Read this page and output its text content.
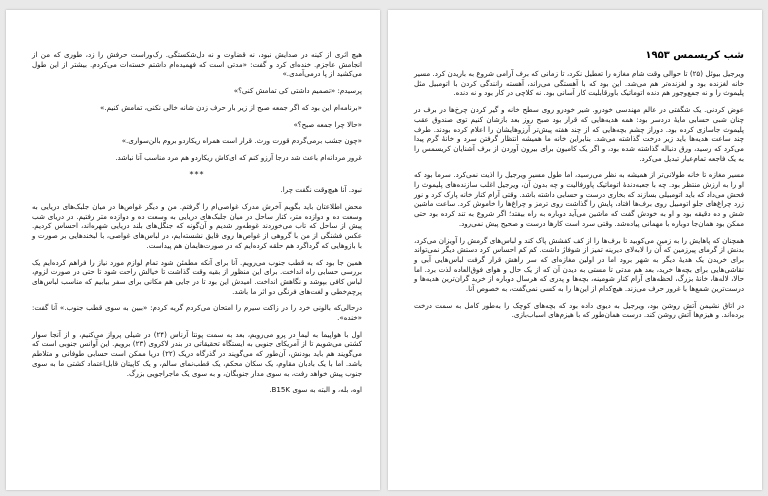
هیچ اثری از کینه در صدایش نبود، نه قضاوت و نه دل‌شکستگی. رک‌وراست حرفش را زد، طوری که من از انجامش عاجزم. خنده‌ای کرد و گفت: «مدتی است که فهمیده‌ام داشتم خسته‌ات می‌کردم. بیشتر از این طول می‌کشید از پا درمی‌آمدی.»

پرسیدم: «تصمیم داشتی کی تمامش کنی؟»

«برنامه‌ام این بود که اگر جمعه صبح از زیر بار حرف زدن شانه خالی نکنی، تمامش کنیم.»

«حالا چرا جمعه صبح؟»

«چون جشب برمی‌گردم قورت ورث. قرار است همراه ریکاردو بروم بالن‌سواری.»

غرور مردانه‌ام باعث شد درجا آرزو کنم که ای‌کاش ریکاردو هم مرد مناسب آنا نباشد.

***

نبود. آنا هیچ‌وقت نگفت چرا.

محض اطلاعتان باید بگویم آخرش مدرک غواصی‌ام را گرفتم. من و دیگر غواص‌ها در میان جلبک‌های دریایی به وسعت ده و دوازده متر، کنار ساحل در میان جلبک‌های دریایی به وسعت ده و دوازده متر رفتیم. در دریای شب پیش از ساحل که تاب می‌خوردند غوطه‌ور شدیم و آن‌گونه که جنگل‌های بلند دریایی شهره‌اند، احساس کردیم. عکس فشنگی از من با گروهی از غواص‌ها روی قایق نشسته‌ایم، در لباس‌های غواصی، با لبخند‌هایی بر صورت و با بازوهایی که گرداگرد هم حلقه کرده‌ایم که در صورت‌هایمان هم پیداست.

همین جا بود که به قطب جنوب می‌رویم. آنا برای آنکه مطمئن شود تمام لوازم مورد نیاز را فراهم کرده‌ایم یک بررسی حسابی راه انداخت. برای این منظور از بقیه وقت گذاشت تا خیالش راحت شود تا حتی در صورت لزوم، لباس کافی بپوشد و نگاهش انداخت. امیدش این بود تا در جایی هم مکانی برای سفر بیابیم که مناسب لباس‌های پرچم‌خطی و لغت‌های فرنگی دو اثر ما باشد.

درحالی‌که بالونی خرد را در زاکت سیرم را امتحان می‌کردم گریه کردم: «ببین به سوی قطب جنوب.» آنا گفت: «خنده».

اول با هواپیما به لیما در پرو می‌رویم، بعد به سمت پونتا آرناس (۲۴) در شیلی پرواز می‌کنیم، و از آنجا سوار کشتی می‌شویم تا از آمریکای جنوبی به ایستگاه تحقیقاتی در بندر لاکروی (۲۳) برویم. این آوانس جنوبی است که می‌گویند هم باید بودنش، آن‌طور که می‌گویند در گذرگاه دریک (۲۲) دریا ممکن است حسابی طوفانی و متلاطم باشد. اما با یک بادبان مقاوم، یک سکان محکم، یک قطب‌نمای سالم، و یک کاپیتان قابل‌اعتماد کشتی ما به سوی جنوب پیش خواهد رفت، به سوی مدار جنوبگان، و به سوی یک ماجراجویی بزرگ.

اوه، بله، و البته به سوی B15K.

شب کریسمس ۱۹۵۳

ویرجیل بیوئل (۲۵) تا حوالی وقت شام مغازه را تعطیل نکرد، تا زمانی که برف آرامی شروع به باریدن کرد. مسیر خانه لغزنده بود و لغزنده‌تر هم می‌شد. این بود که با آهستگی می‌راند، آهسته رانندگی کردن با اتومبیل مثل پلیموث را و نه جمع‌وجور هم دنده اتوماتیک باورقابلیت کار آسانی بود. نه کلاچی در کار بود و نه دنده.

عوض کردنی. یک شگفتی در عالم مهندسی خودرو. شیر خودرو روی سطح خانه و گیر کردن چرخ‌ها در برف در چنان شبی حسابی مایهٔ دردسر بود: همه هدیه‌هایی که قرار بود صبح روز بعد بازشان کنیم توی صندوق عقب پلیموث جاسازی کرده بود. دوراز چشم بچه‌هایی که از چند هفته پیش‌تر آرزوهایشان را اعلام کرده بودند. طرف چند ساعت هدیه‌ها باید زیر درخت گذاشته می‌شد. بنابراین خانه ما همیشه انتظار گرفتن سرد و خانهٔ گرم پیدا می‌کرد که رسید، ورق دنباله گذاشته شده بود، و اگر یک کامیون برای بیرون آوردن از برف آشنایان کریسمس را به یک فاجعه تمام‌عیار تبدیل می‌کرد.

مسیر مغازه تا خانه طولانی‌تر از همیشه به نظر می‌رسید، اما طول مسیر ویرجیل را اذیت نمی‌کرد. سرما بود که او را به ارزش منتظر بود. چه با جعبه‌دندهٔ اتوماتیک پاورفالیت و چه بدون آن، ویرجیل اغلب سازنده‌های پلیموث را فحش می‌داد که باید اتومبیلی بسازند که بخاری درست و حسابی داشته باشد. وقتی آرام کنار خانه پارک کرد و نور زرد چراغ‌های جلو اتومبیل روی برف‌ها افتاد، پایش را گذاشت روی ترمز و چراغ‌ها را خاموش کرد. ساعت ماشین شش و ده دقیقه بود و او به خودش گفت که ماشین می‌آید دوباره به راه بیفتد؛ اگر شروع به تند کرده بود حتی ممکن بود همان‌جا دوباره با مهمانی پیاده‌شد. وقتی سرد است کارها درست و صحیح پیش نمی‌رود.

همچنان که پاهایش را به زمین می‌کوبید تا برف‌ها را از کف کفشش پاک کند و لباس‌های گرمش را آویزان می‌کرد، بدنش از گرمای پیرزمین که آن را لابه‌لای دیرینه تمیز از شوفاژ داشت. کم کم احساس کرد دستش دیگر نمی‌تواند برای خریدن یک هدیهٔ دیگر به شهر برود اما در اولین مغازه‌ای که سر راهش قرار گرفت لباس‌هایی آبی و نقاشی‌هایی برای بچه‌ها خرید، بعد هم مدتی تا مستی به دیدن آن که از یک حال و هوای فوق‌العاده لذت برد. اما حالا، لاله‌ها، خانهٔ بزرگ، لحظه‌های آرام کنار شومینه، بچه‌ها و پدری که هرسال دوباره از خرید گران‌ترین هدیه‌ها و درست‌ترین شمع‌ها با غرور حرف می‌زند. هیچ‌کدام از این‌ها را به کسی نمی‌گفت، به خصوص آنا.

در اتاق نشیمن آتش روشن بود، ویرجیل به دیوی داده بود که بچه‌های کوچک را به‌طور کامل به سمت درخت برده‌اند. و هیزم‌ها آتش روشن کند. درست همان‌طور که با هیزم‌های اسباب‌بازی.
